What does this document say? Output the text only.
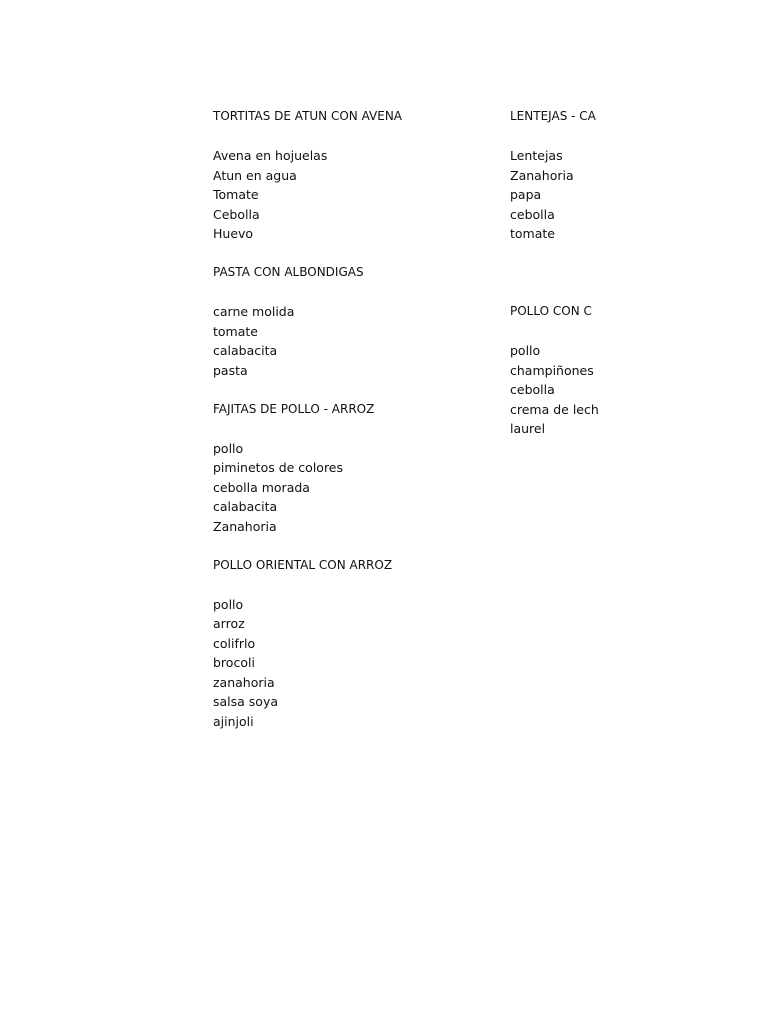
TORTITAS DE ATUN CON AVENA
Avena en hojuelas
Atun en agua
Tomate
Cebolla
Huevo
PASTA CON ALBONDIGAS
carne molida
tomate
calabacita
pasta
FAJITAS DE POLLO - ARROZ
pollo
piminetos de colores
cebolla morada
calabacita
Zanahoria
POLLO ORIENTAL CON ARROZ
pollo
arroz
colifrlo
brocoli
zanahoria
salsa soya
ajinjoli
LENTEJAS - CA
Lentejas
Zanahoria
papa
cebolla
tomate
POLLO CON C
pollo
champiñones
cebolla
crema de lech
laurel
